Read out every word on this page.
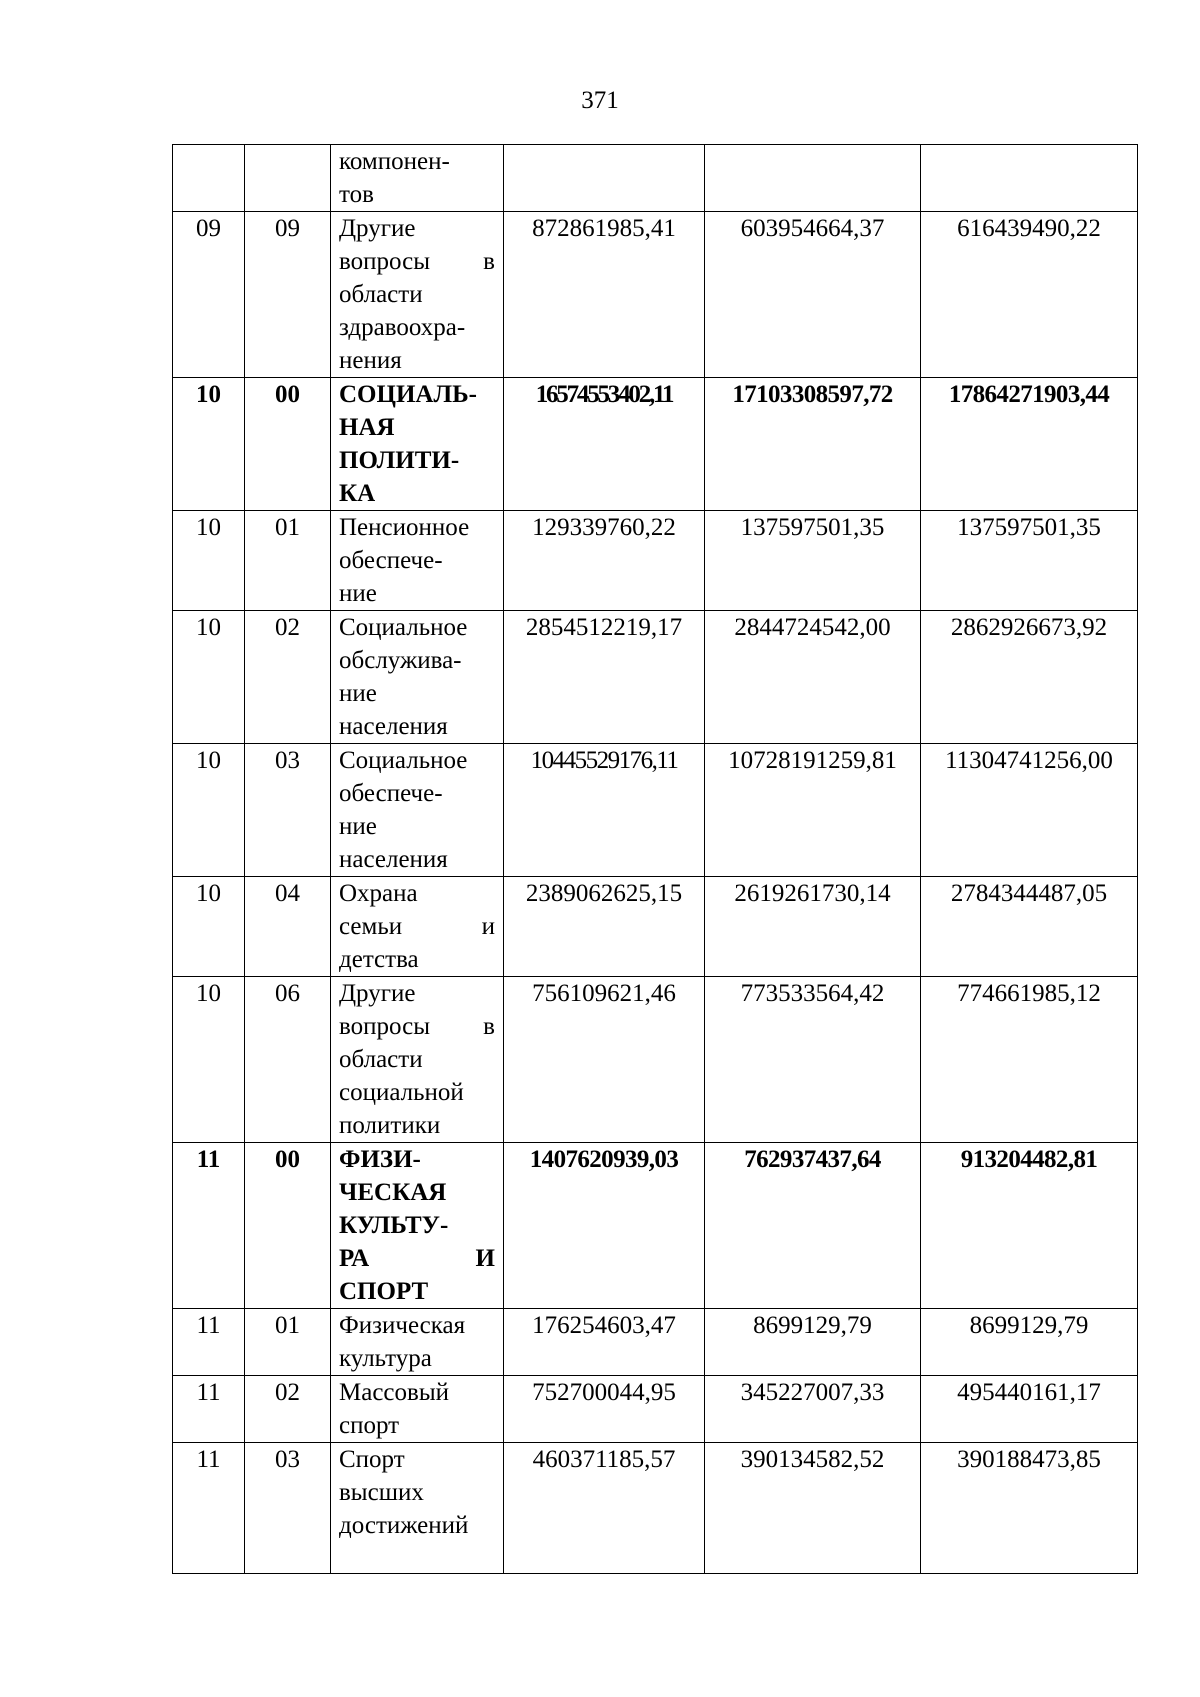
371

		компонен-
тов			

09	09	Другие
вопросы в
области
здравоохра-
нения	872861985,41	603954664,37	616439490,22
10	00	СОЦИАЛЬ-
НАЯ
ПОЛИТИ-
КА	16574553402,11	17103308597,72	17864271903,44
10	01	Пенсионное
обеспече-
ние	129339760,22	137597501,35	137597501,35
10	02	Социальное
обслужива-
ние
населения	2854512219,17	2844724542,00	2862926673,92
10	03	Социальное
обеспече-
ние
населения	10445529176,11	10728191259,81	11304741256,00
10	04	Охрана
семьи и
детства	2389062625,15	2619261730,14	2784344487,05
10	06	Другие
вопросы в
области
социальной
политики	756109621,46	773533564,42	774661985,12
11	00	ФИЗИ-
ЧЕСКАЯ
КУЛЬТУ-
РА И
СПОРТ	1407620939,03	762937437,64	913204482,81
11	01	Физическая
культура	176254603,47	8699129,79	8699129,79
11	02	Массовый
спорт	752700044,95	345227007,33	495440161,17
11	03	Спорт
высших
достижений	460371185,57	390134582,52	390188473,85
